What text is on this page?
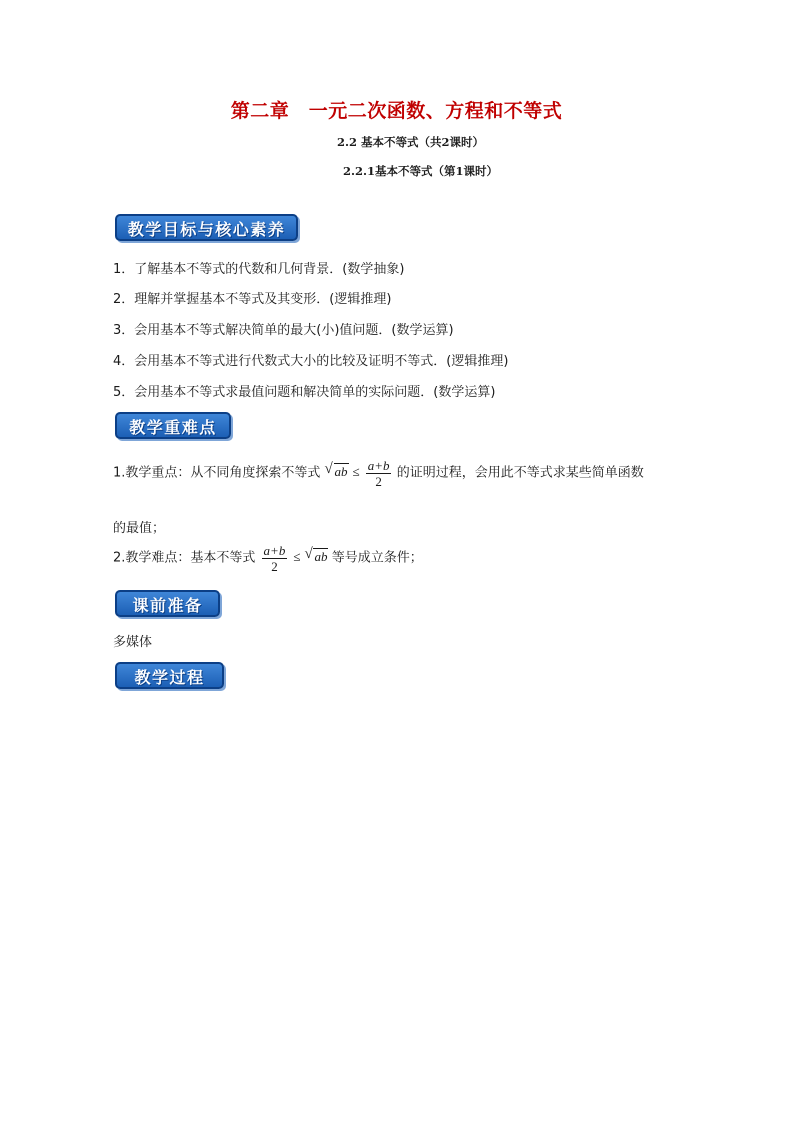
第二章　一元二次函数、方程和不等式
2.2 基本不等式（共2课时）
2.2.1基本不等式（第1课时）
教学目标与核心素养
1．了解基本不等式的代数和几何背景．(数学抽象)
2．理解并掌握基本不等式及其变形．(逻辑推理)
3．会用基本不等式解决简单的最大(小)值问题．(数学运算)
4．会用基本不等式进行代数式大小的比较及证明不等式．(逻辑推理)
5．会用基本不等式求最值问题和解决简单的实际问题．(数学运算)
教学重难点
1.教学重点：从不同角度探索不等式 √ ab ≤ $\frac{a+b}{2}$ 的证明过程，会用此不等式求某些简单函数
的最值；
2.教学难点：基本不等式 $\frac{a+b}{2}$ ≤ √ ab 等号成立条件；
课前准备
多媒体
教学过程
